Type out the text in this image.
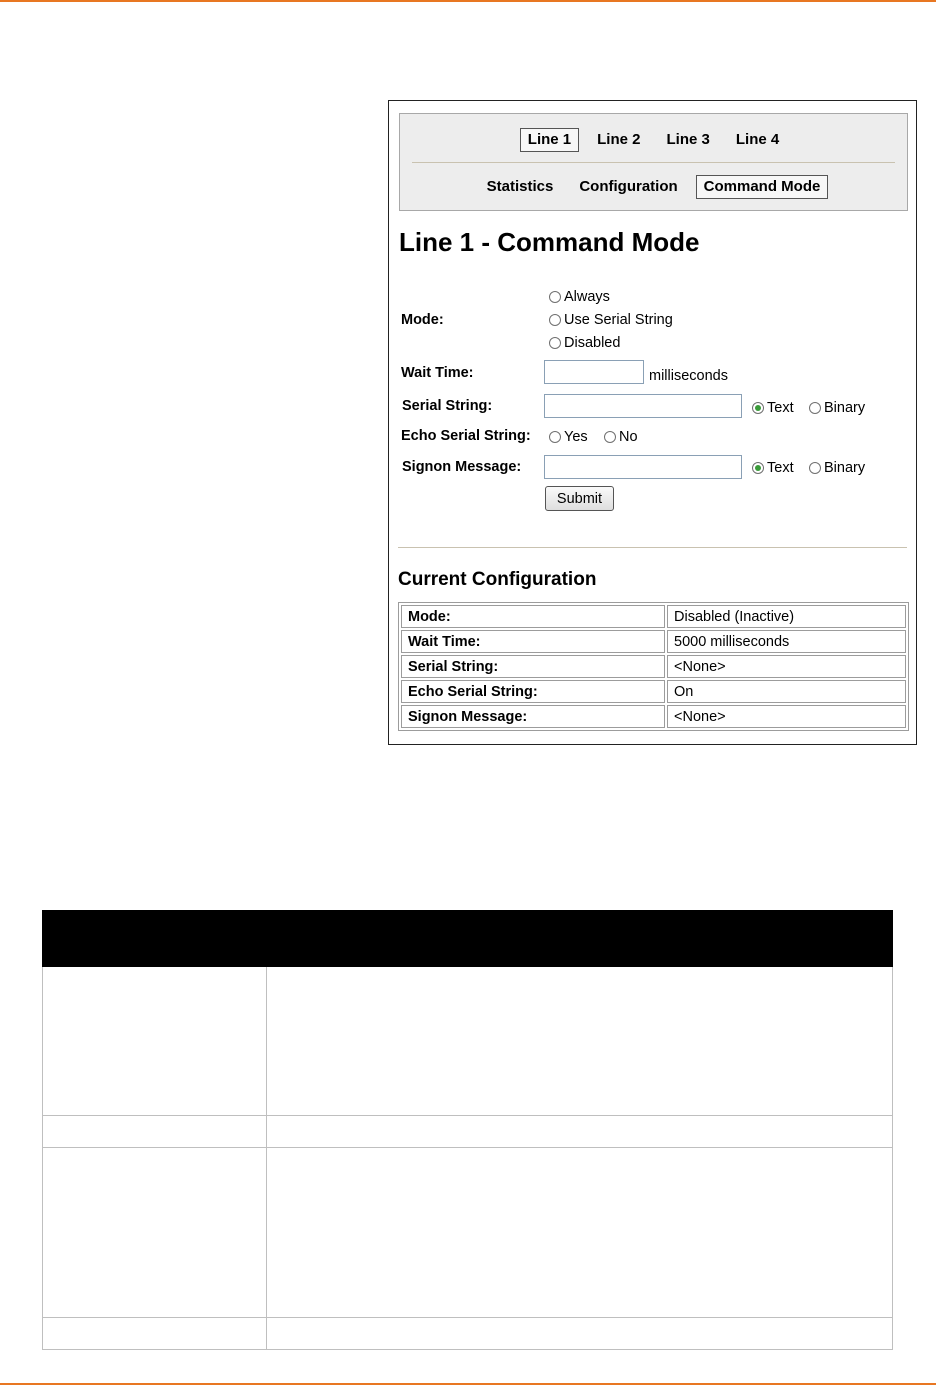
Line 1	Line 2	Line 3	Line 4
Statistics	Configuration	Command Mode
Line 1 - Command Mode
Mode:
Always
Use Serial String
Disabled
Wait Time:	milliseconds
Serial String:	Text Binary
Echo Serial String: Yes No
Signon Message:	Text Binary
Submit
Current Configuration
Mode:	Disabled (Inactive)
Wait Time:	5000 milliseconds
Serial String:	<None>
Echo Serial String:	On
Signon Message:	<None>
